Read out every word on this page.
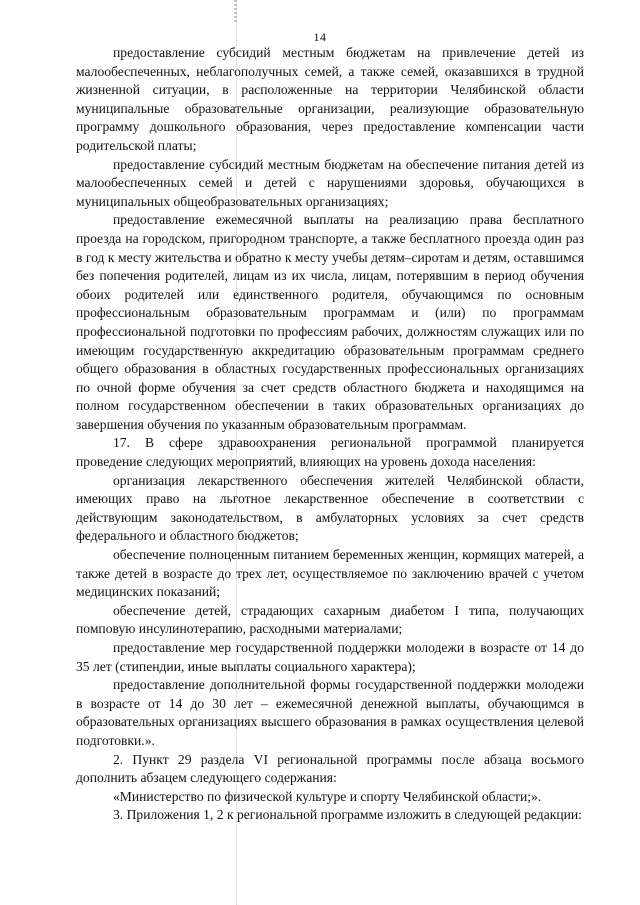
14

предоставление субсидий местным бюджетам на привлечение детей из малообеспеченных, неблагополучных семей, а также семей, оказавшихся в трудной жизненной ситуации, в расположенные на территории Челябинской области муниципальные образовательные организации, реализующие образовательную программу дошкольного образования, через предоставление компенсации части родительской платы;

предоставление субсидий местным бюджетам на обеспечение питания детей из малообеспеченных семей и детей с нарушениями здоровья, обучающихся в муниципальных общеобразовательных организациях;

предоставление ежемесячной выплаты на реализацию права бесплатного проезда на городском, пригородном транспорте, а также бесплатного проезда один раз в год к месту жительства и обратно к месту учебы детям–сиротам и детям, оставшимся без попечения родителей, лицам из их числа, лицам, потерявшим в период обучения обоих родителей или единственного родителя, обучающимся по основным профессиональным образовательным программам и (или) по программам профессиональной подготовки по профессиям рабочих, должностям служащих или по имеющим государственную аккредитацию образовательным программам среднего общего образования в областных государственных профессиональных организациях по очной форме обучения за счет средств областного бюджета и находящимся на полном государственном обеспечении в таких образовательных организациях до завершения обучения по указанным образовательным программам.

17. В сфере здравоохранения региональной программой планируется проведение следующих мероприятий, влияющих на уровень дохода населения:

организация лекарственного обеспечения жителей Челябинской области, имеющих право на льготное лекарственное обеспечение в соответствии с действующим законодательством, в амбулаторных условиях за счет средств федерального и областного бюджетов;

обеспечение полноценным питанием беременных женщин, кормящих матерей, а также детей в возрасте до трех лет, осуществляемое по заключению врачей с учетом медицинских показаний;

обеспечение детей, страдающих сахарным диабетом I типа, получающих помповую инсулинотерапию, расходными материалами;

предоставление мер государственной поддержки молодежи в возрасте от 14 до 35 лет (стипендии, иные выплаты социального характера);

предоставление дополнительной формы государственной поддержки молодежи в возрасте от 14 до 30 лет – ежемесячной денежной выплаты, обучающимся в образовательных организациях высшего образования в рамках осуществления целевой подготовки.».

2. Пункт 29 раздела VI региональной программы после абзаца восьмого дополнить абзацем следующего содержания:

«Министерство по физической культуре и спорту Челябинской области;».

3. Приложения 1, 2 к региональной программе изложить в следующей редакции:
